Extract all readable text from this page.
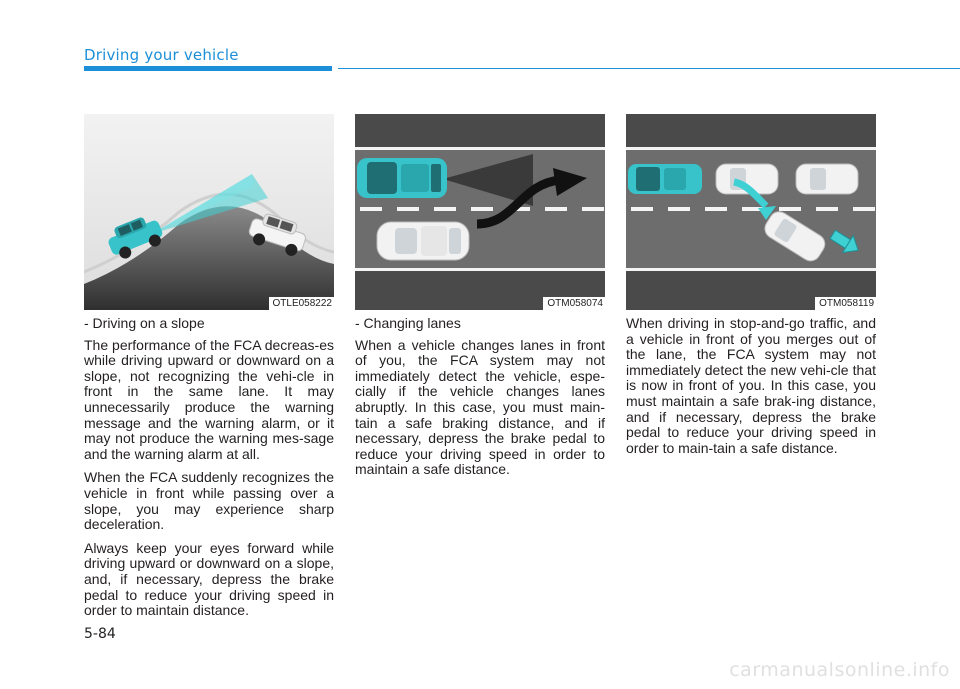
Driving your vehicle
OTLE058222	OTM058074	OTM058119

- Driving on a slope

The performance of the FCA decreas-es while driving upward or downward on a slope, not recognizing the vehi-cle in front in the same lane. It may unnecessarily produce the warning message and the warning alarm, or it may not produce the warning mes-sage and the warning alarm at all.

When the FCA suddenly recognizes the vehicle in front while passing over a slope, you may experience sharp deceleration.

Always keep your eyes forward while driving upward or downward on a slope, and, if necessary, depress the brake pedal to reduce your driving speed in order to maintain distance.

- Changing lanes

When a vehicle changes lanes in front of you, the FCA system may not immediately detect the vehicle, espe-cially if the vehicle changes lanes abruptly. In this case, you must main-tain a safe braking distance, and if necessary, depress the brake pedal to reduce your driving speed in order to maintain a safe distance.

When driving in stop-and-go traffic, and a vehicle in front of you merges out of the lane, the FCA system may not immediately detect the new vehi-cle that is now in front of you. In this case, you must maintain a safe brak-ing distance, and if necessary, depress the brake pedal to reduce your driving speed in order to main-tain a safe distance.

5-84
carmanualsonline.info
